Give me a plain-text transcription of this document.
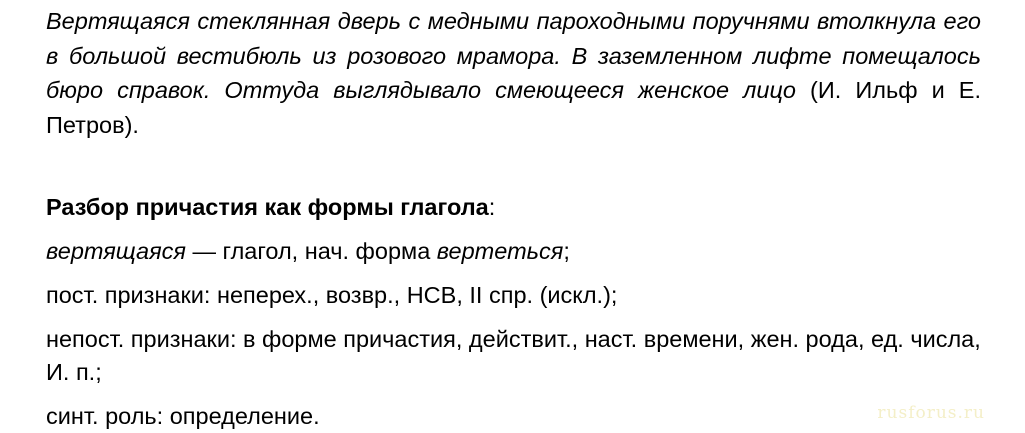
Вертящаяся стеклянная дверь с медными пароходными поручнями втолкнула его в большой вестибюль из розового мрамора. В заземленном лифте помещалось бюро справок. Оттуда выглядывало смеющееся женское лицо (И. Ильф и Е. Петров).

Разбор причастия как формы глагола:

вертящаяся — глагол, нач. форма вертеться;

пост. признаки: неперех., возвр., НСВ, II спр. (искл.);

непост. признаки: в форме причастия, действит., наст. времени, жен. рода, ед. числа, И. п.;

синт. роль: определение.	rusforus.ru
